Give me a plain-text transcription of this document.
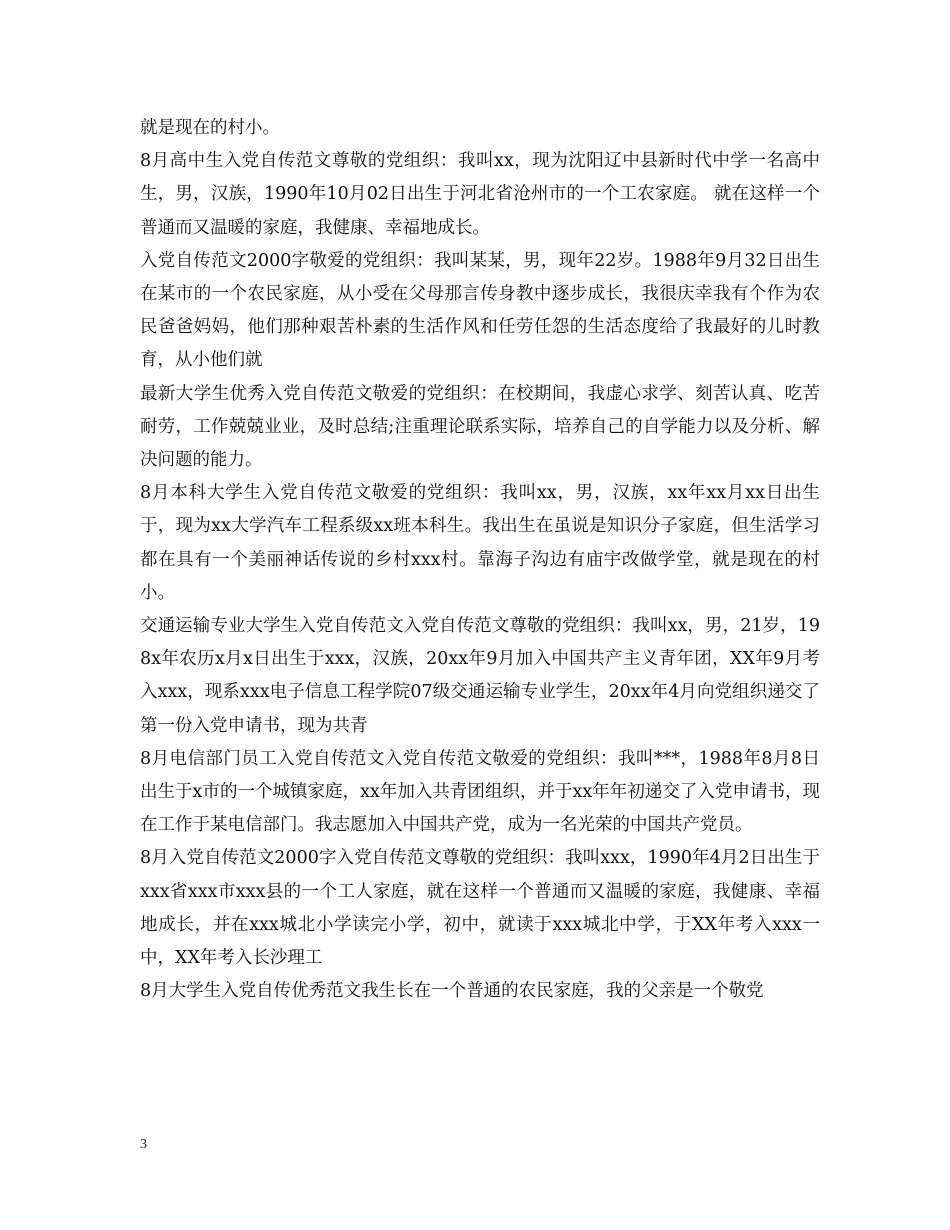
就是现在的村小。

8月高中生入党自传范文尊敬的党组织：我叫xx，现为沈阳辽中县新时代中学一名高中生，男，汉族，1990年10月02日出生于河北省沧州市的一个工农家庭。 就在这样一个普通而又温暖的家庭，我健康、幸福地成长。

入党自传范文2000字敬爱的党组织：我叫某某，男，现年22岁。1988年9月32日出生在某市的一个农民家庭，从小受在父母那言传身教中逐步成长，我很庆幸我有个作为农民爸爸妈妈，他们那种艰苦朴素的生活作风和任劳任怨的生活态度给了我最好的儿时教育，从小他们就

最新大学生优秀入党自传范文敬爱的党组织：在校期间，我虚心求学、刻苦认真、吃苦耐劳，工作兢兢业业，及时总结;注重理论联系实际，培养自己的自学能力以及分析、解决问题的能力。

8月本科大学生入党自传范文敬爱的党组织：我叫xx，男，汉族，xx年xx月xx日出生于，现为xx大学汽车工程系级xx班本科生。我出生在虽说是知识分子家庭，但生活学习都在具有一个美丽神话传说的乡村xxx村。靠海子沟边有庙宇改做学堂，就是现在的村小。

交通运输专业大学生入党自传范文入党自传范文尊敬的党组织：我叫xx，男，21岁，198x年农历x月x日出生于xxx，汉族，20xx年9月加入中国共产主义青年团，XX年9月考入xxx，现系xxx电子信息工程学院07级交通运输专业学生，20xx年4月向党组织递交了第一份入党申请书，现为共青

8月电信部门员工入党自传范文入党自传范文敬爱的党组织：我叫***，1988年8月8日出生于x市的一个城镇家庭，xx年加入共青团组织，并于xx年年初递交了入党申请书，现在工作于某电信部门。我志愿加入中国共产党，成为一名光荣的中国共产党员。

8月入党自传范文2000字入党自传范文尊敬的党组织：我叫xxx，1990年4月2日出生于xxx省xxx市xxx县的一个工人家庭，就在这样一个普通而又温暖的家庭，我健康、幸福地成长，并在xxx城北小学读完小学，初中，就读于xxx城北中学，于XX年考入xxx一中，XX年考入长沙理工

8月大学生入党自传优秀范文我生长在一个普通的农民家庭，我的父亲是一个敬党

3
